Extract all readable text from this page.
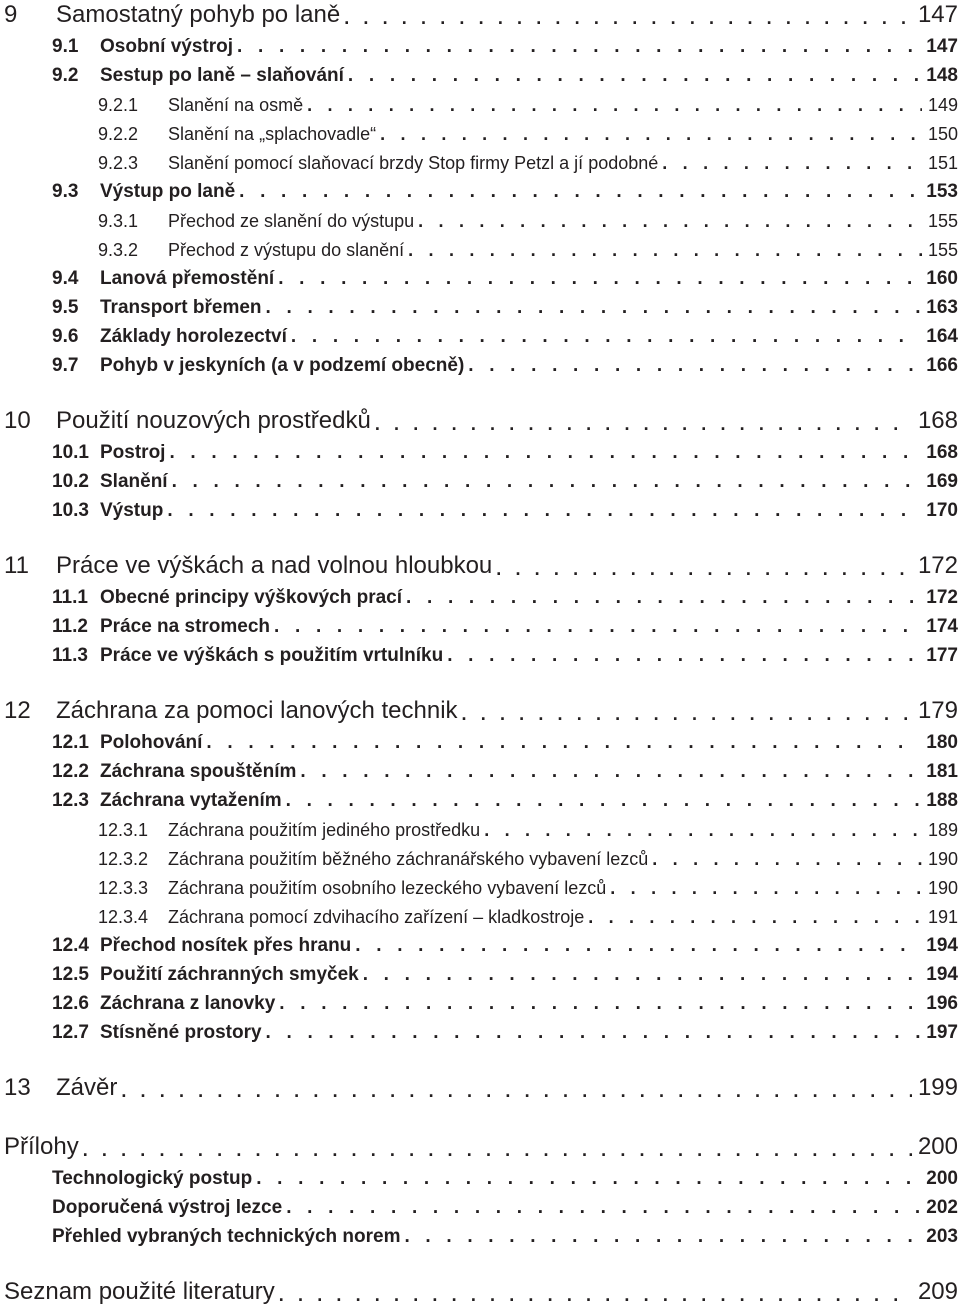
9	Samostatný pohyb po laně . . .	147
9.1	Osobní výstroj . . .	147
9.2	Sestup po laně – slaňování . . .	148
9.2.1	Slanění na osmě . . .	149
9.2.2	Slanění na „splachovadle“ . . .	150
9.2.3	Slanění pomocí slaňovací brzdy Stop firmy Petzl a jí podobné . . .	151
9.3	Výstup po laně . . .	153
9.3.1	Přechod ze slanění do výstupu . . .	155
9.3.2	Přechod z výstupu do slanění . . .	155
9.4	Lanová přemostění . . .	160
9.5	Transport břemen . . .	163
9.6	Základy horolezectví . . .	164
9.7	Pohyb v jeskyních (a v podzemí obecně) . . .	166
10	Použití nouzových prostředků . . .	168
10.1 Postroj . . .	168
10.2 Slanění . . .	169
10.3 Výstup . . .	170
11	Práce ve výškách a nad volnou hloubkou . . .	172
11.1 Obecné principy výškových prací . . .	172
11.2 Práce na stromech . . .	174
11.3 Práce ve výškách s použitím vrtulníku . . .	177
12	Záchrana za pomoci lanových technik . . .	179
12.1 Polohování . . .	180
12.2 Záchrana spouštěním . . .	181
12.3 Záchrana vytažením . . .	188
12.3.1	Záchrana použitím jediného prostředku . . .	189
12.3.2	Záchrana použitím běžného záchranářského vybavení lezců . . .	190
12.3.3	Záchrana použitím osobního lezeckého vybavení lezců . . .	190
12.3.4	Záchrana pomocí zdvihacího zařízení – kladkostroje . . .	191
12.4 Přechod nosítek přes hranu . . .	194
12.5 Použití záchranných smyček . . .	194
12.6 Záchrana z lanovky . . .	196
12.7 Stísněné prostory . . .	197
13	Závěr . . .	199
Přílohy . . .	200
Technologický postup . . .	200
Doporučená výstroj lezce . . .	202
Přehled vybraných technických norem . . .	203
Seznam použité literatury . . .	209
